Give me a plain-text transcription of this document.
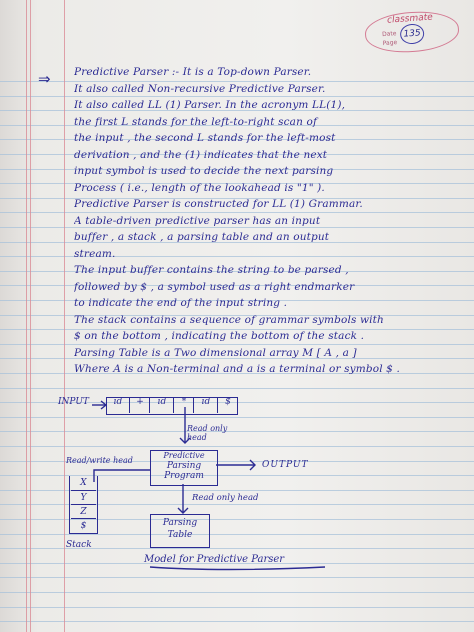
classmate
Date
Page
135
⇒ Predictive Parser :- It is a Top-down Parser.
It also called Non-recursive Predictive Parser.
It also called LL (1) Parser. In the acronym LL(1),
the first L stands for the left-to-right scan of
the input , the second L stands for the left-most
derivation , and the (1) indicates that the next
input symbol is used to decide the next parsing
Process ( i.e., length of the lookahead is "1" ).
Predictive Parser is constructed for LL (1) Grammar.
A table-driven predictive parser has an input
buffer , a stack , a parsing table and an output
stream.
The input buffer contains the string to be parsed ,
followed by $ , a symbol used as a right endmarker
to indicate the end of the input string .
The stack contains a sequence of grammar symbols with
$ on the bottom , indicating the bottom of the stack .
Parsing Table is a Two dimensional array M [ A , a ]
Where A is a Non-terminal and a is a terminal or symbol $ .
INPUT	id	+	id	*	id	$
Read only head
Read/write head
Predictive
Parsing
Program
OUTPUT
Read only head
X
Y
Z
$
Stack
Parsing
Table
Model for Predictive Parser
